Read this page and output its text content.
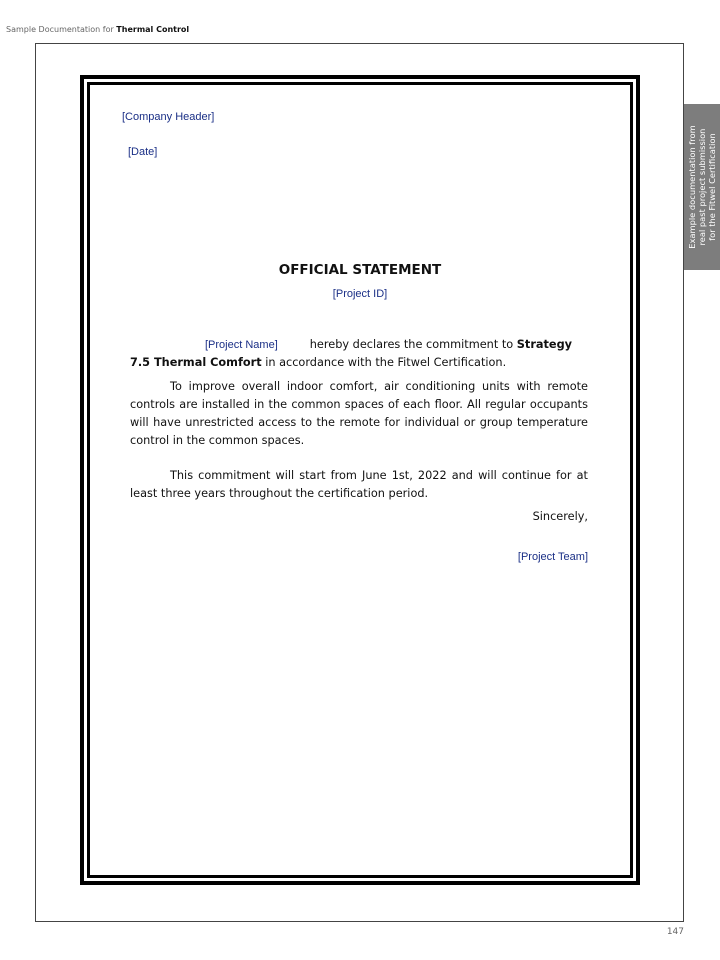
Sample Documentation for Thermal Control
Example documentation from real past project submission for the Fitwel Certification
[Company Header]
[Date]
OFFICIAL STATEMENT
[Project ID]
[Project Name]	hereby declares the commitment to Strategy 7.5 Thermal Comfort in accordance with the Fitwel Certification.
To improve overall indoor comfort, air conditioning units with remote controls are installed in the common spaces of each floor. All regular occupants will have unrestricted access to the remote for individual or group temperature control in the common spaces.
This commitment will start from June 1st, 2022 and will continue for at least three years throughout the certification period.
Sincerely,
[Project Team]
147
